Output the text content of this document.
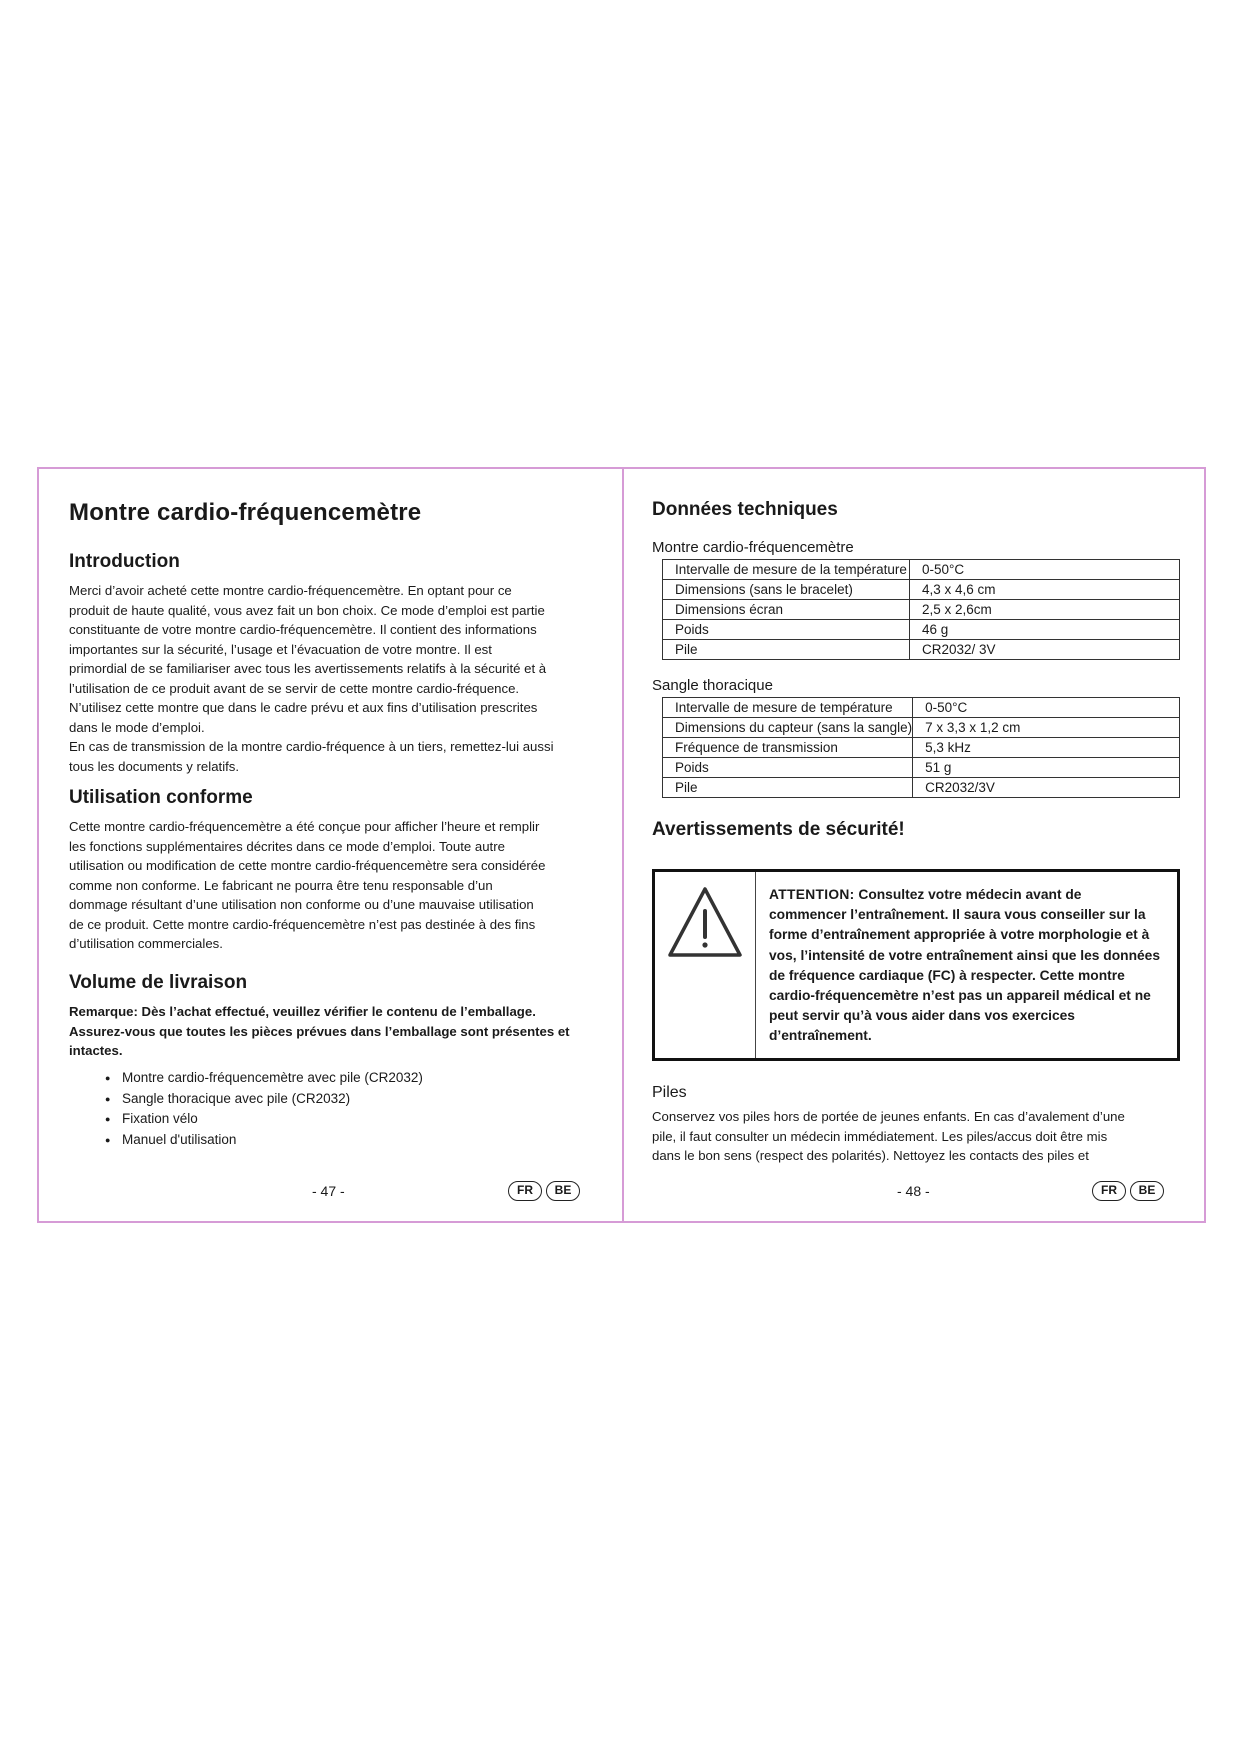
Montre cardio-fréquencemètre
Introduction

Merci d’avoir acheté cette montre cardio-fréquencemètre. En optant pour ce
produit de haute qualité, vous avez fait un bon choix. Ce mode d’emploi est partie
constituante de votre montre cardio-fréquencemètre. Il contient des informations
importantes sur la sécurité, l’usage et l’évacuation de votre montre. Il est
primordial de se familiariser avec tous les avertissements relatifs à la sécurité et à
l’utilisation de ce produit avant de se servir de cette montre cardio-fréquence.
N’utilisez cette montre que dans le cadre prévu et aux fins d’utilisation prescrites
dans le mode d’emploi.
En cas de transmission de la montre cardio-fréquence à un tiers, remettez-lui aussi
tous les documents y relatifs.

Utilisation conforme

Cette montre cardio-fréquencemètre a été conçue pour afficher l’heure et remplir
les fonctions supplémentaires décrites dans ce mode d’emploi. Toute autre
utilisation ou modification de cette montre cardio-fréquencemètre sera considérée
comme non conforme. Le fabricant ne pourra être tenu responsable d’un
dommage résultant d’une utilisation non conforme ou d’une mauvaise utilisation
de ce produit. Cette montre cardio-fréquencemètre n’est pas destinée à des fins
d’utilisation commerciales.

Volume de livraison

Remarque: Dès l’achat effectué, veuillez vérifier le contenu de l’emballage.
Assurez-vous que toutes les pièces prévues dans l’emballage sont présentes et
intactes.

● Montre cardio-fréquencemètre avec pile (CR2032)
● Sangle thoracique avec pile (CR2032)
● Fixation vélo
● Manuel d'utilisation
- 47 -	FR	BE
Données techniques
Montre cardio-fréquencemètre
Intervalle de mesure de la température	0-50°C
Dimensions (sans le bracelet)	4,3 x 4,6 cm
Dimensions écran	2,5 x 2,6cm
Poids	46 g
Pile	CR2032/ 3V
Sangle thoracique
Intervalle de mesure de température	0-50°C
Dimensions du capteur (sans la sangle)	7 x 3,3 x 1,2 cm
Fréquence de transmission	5,3 kHz
Poids	51 g
Pile	CR2032/3V
Avertissements de sécurité!

ATTENTION: Consultez votre médecin avant de
commencer l’entraînement. Il saura vous conseiller sur la
forme d’entraînement appropriée à votre morphologie et à
vos, l’intensité de votre entraînement ainsi que les données
de fréquence cardiaque (FC) à respecter. Cette montre
cardio-fréquencemètre n’est pas un appareil médical et ne
peut servir qu’à vous aider dans vos exercices
d’entraînement.

Piles

Conservez vos piles hors de portée de jeunes enfants. En cas d’avalement d’une
pile, il faut consulter un médecin immédiatement. Les piles/accus doit être mis
dans le bon sens (respect des polarités). Nettoyez les contacts des piles et

- 48 -	FR	BE
